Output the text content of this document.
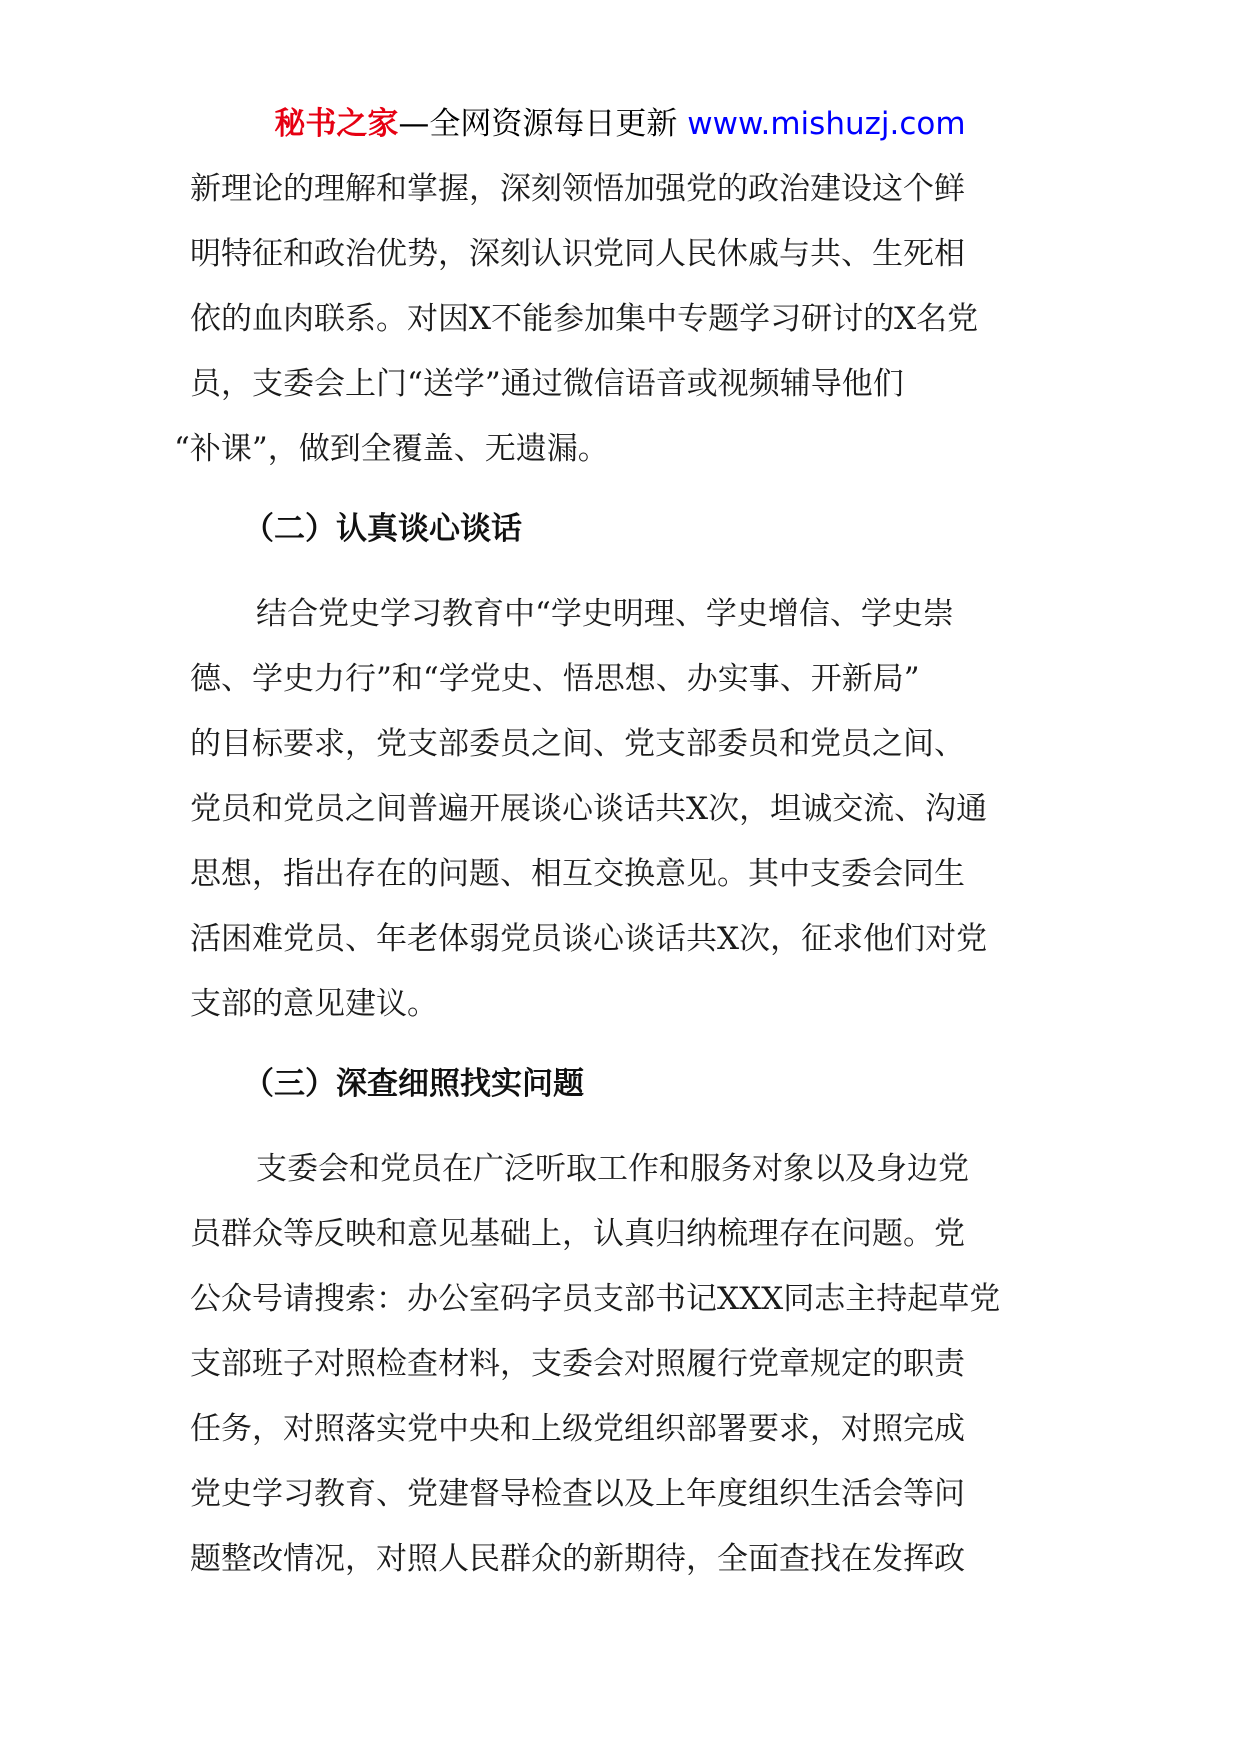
秘书之家—全网资源每日更新 www.mishuzj.com
新理论的理解和掌握，深刻领悟加强党的政治建设这个鲜
明特征和政治优势，深刻认识党同人民休戚与共、生死相
依的血肉联系。对因X不能参加集中专题学习研讨的X名党
员，支委会上门“送学”通过微信语音或视频辅导他们
“补课”，做到全覆盖、无遗漏。
（二）认真谈心谈话
结合党史学习教育中“学史明理、学史增信、学史崇
德、学史力行”和“学党史、悟思想、办实事、开新局”
的目标要求，党支部委员之间、党支部委员和党员之间、
党员和党员之间普遍开展谈心谈话共X次，坦诚交流、沟通
思想，指出存在的问题、相互交换意见。其中支委会同生
活困难党员、年老体弱党员谈心谈话共X次，征求他们对党
支部的意见建议。
（三）深查细照找实问题
支委会和党员在广泛听取工作和服务对象以及身边党
员群众等反映和意见基础上，认真归纳梳理存在问题。党
公众号请搜索：办公室码字员支部书记XXX同志主持起草党
支部班子对照检查材料，支委会对照履行党章规定的职责
任务，对照落实党中央和上级党组织部署要求，对照完成
党史学习教育、党建督导检查以及上年度组织生活会等问
题整改情况，对照人民群众的新期待，全面查找在发挥政
